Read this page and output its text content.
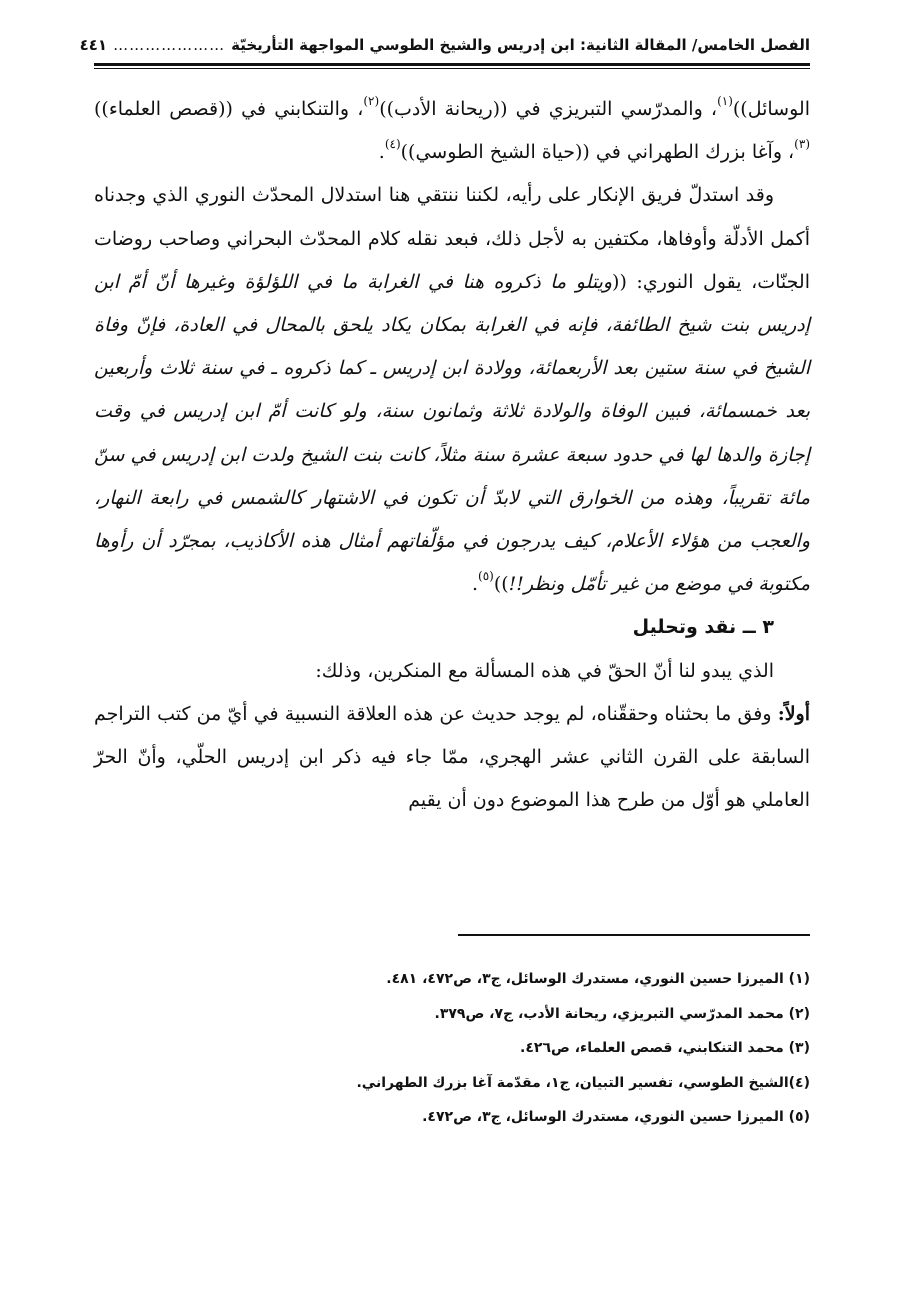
الفصل الخامس/ المقالة الثانية: ابن إدريس والشيخ الطوسي المواجهة التأريخيّة
…………………
٤٤١

الوسائل))$^{(١)}$، والمدرّسي التبريزي في ((ريحانة الأدب))$^{(٢)}$، والتنكابني في ((قصص العلماء))$^{(٣)}$، وآغا بزرك الطهراني في ((حياة الشيخ الطوسي))$^{(٤)}$.

وقد استدلّ فريق الإنكار على رأيه، لكننا ننتقي هنا استدلال المحدّث النوري الذي وجدناه أكمل الأدلّة وأوفاها، مكتفين به لأجل ذلك، فبعد نقله كلام المحدّث البحراني وصاحب روضات الجنّات، يقول النوري: ((ويتلو ما ذكروه هنا في الغرابة ما في اللؤلؤة وغيرها أنّ أمّ ابن إدريس بنت شيخ الطائفة، فإنه في الغرابة بمكان يكاد يلحق بالمحال في العادة، فإنّ وفاة الشيخ في سنة ستين بعد الأربعمائة، وولادة ابن إدريس ـ كما ذكروه ـ في سنة ثلاث وأربعين بعد خمسمائة، فبين الوفاة والولادة ثلاثة وثمانون سنة، ولو كانت أمّ ابن إدريس في وقت إجازة والدها لها في حدود سبعة عشرة سنة مثلاً، كانت بنت الشيخ ولدت ابن إدريس في سنّ مائة تقريباً، وهذه من الخوارق التي لابدّ أن تكون في الاشتهار كالشمس في رابعة النهار، والعجب من هؤلاء الأعلام، كيف يدرجون في مؤلّفاتهم أمثال هذه الأكاذيب، بمجرّد أن رأوها مكتوبة في موضع من غير تأمّل ونظر!!))$^{(٥)}$.

٣ ــ نقد وتحليل

الذي يبدو لنا أنّ الحقّ في هذه المسألة مع المنكرين، وذلك:

أولاً: وفق ما بحثناه وحققّناه، لم يوجد حديث عن هذه العلاقة النسبية في أيّ من كتب التراجم السابقة على القرن الثاني عشر الهجري، ممّا جاء فيه ذكر ابن إدريس الحلّي، وأنّ الحرّ العاملي هو أوّل من طرح هذا الموضوع دون أن يقيم

(١) الميرزا حسين النوري، مستدرك الوسائل، ج٣، ص٤٧٢، ٤٨١.
(٢) محمد المدرّسي التبريزي، ريحانة الأدب، ج٧، ص٣٧٩.
(٣) محمد التنكابني، قصص العلماء، ص٤٢٦.
(٤)الشيخ الطوسي، تفسير التبيان، ج١، مقدّمة آغا بزرك الطهراني.
(٥) الميرزا حسين النوري، مستدرك الوسائل، ج٣، ص٤٧٢.
